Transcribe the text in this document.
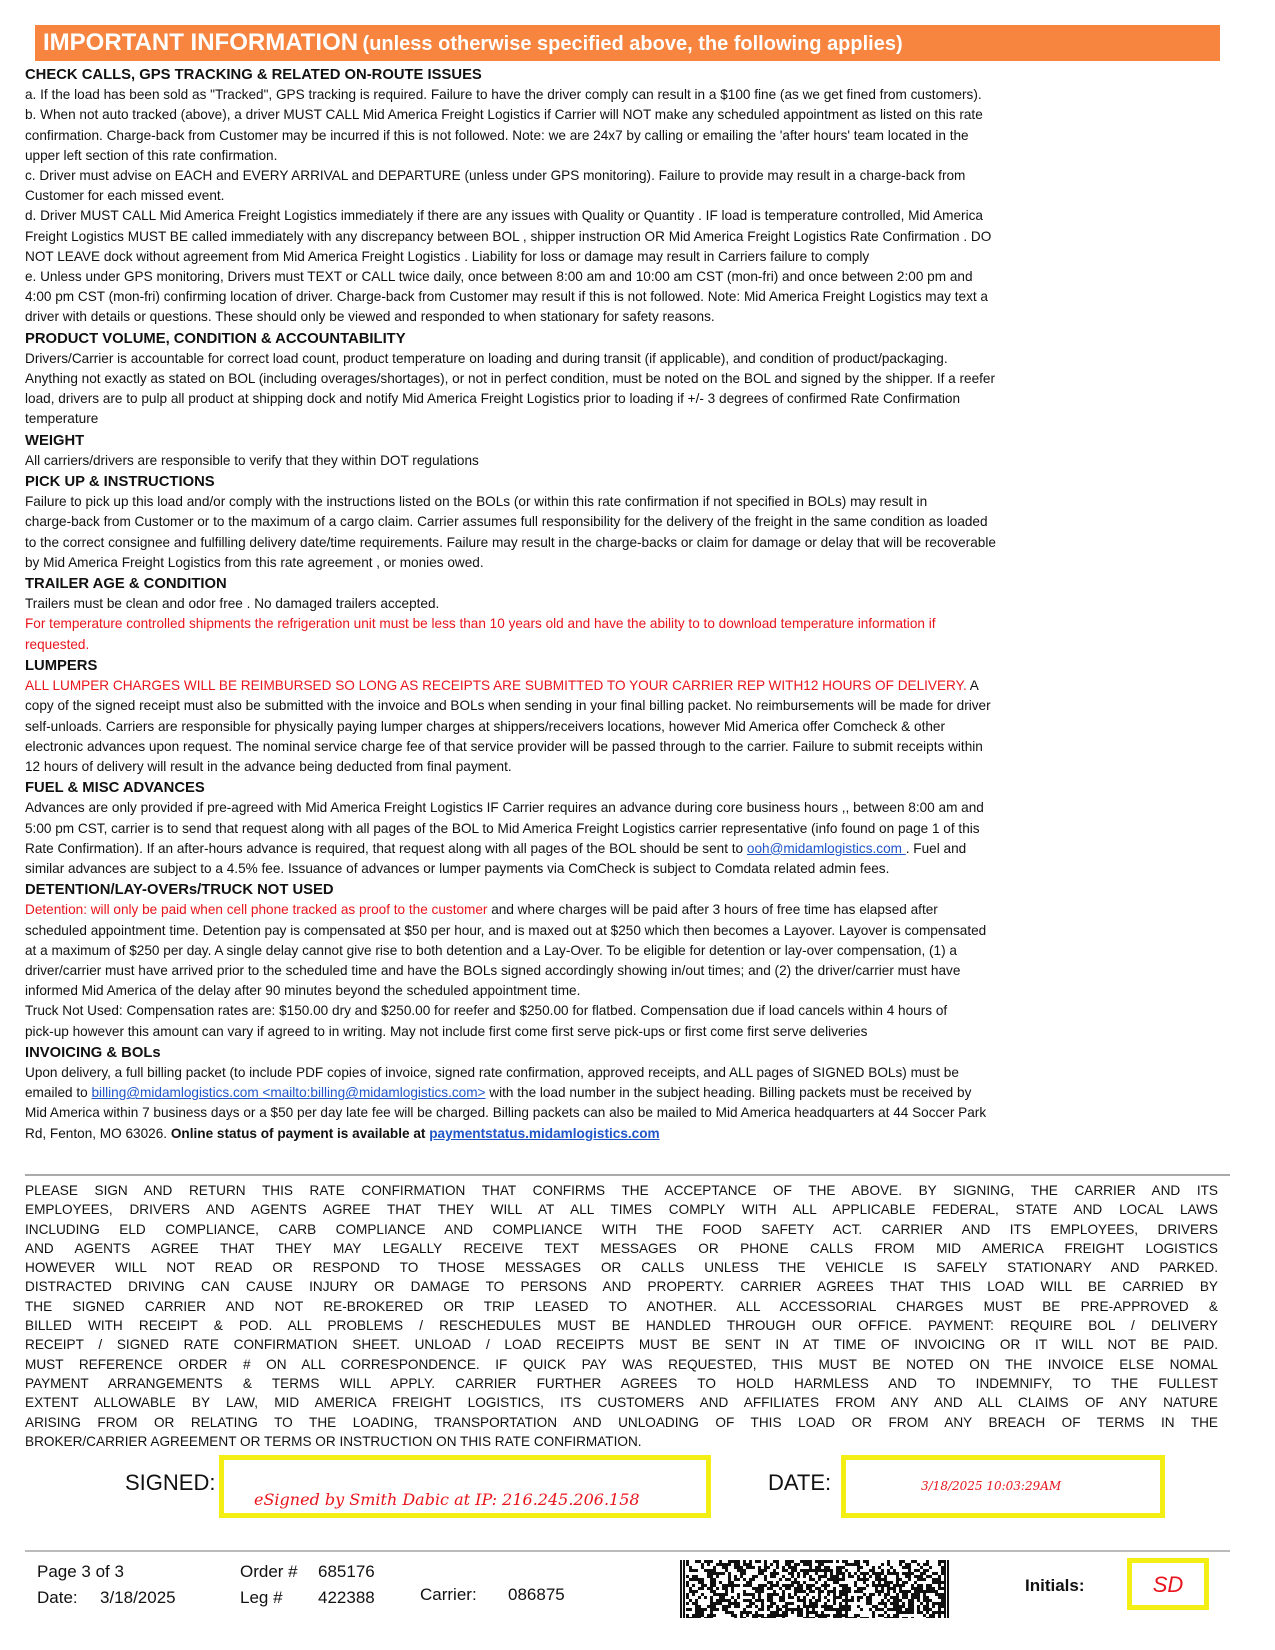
IMPORTANT INFORMATION (unless otherwise specified above, the following applies)
CHECK CALLS, GPS TRACKING & RELATED ON-ROUTE ISSUES
a. If the load has been sold as "Tracked", GPS tracking is required. Failure to have the driver comply can result in a $100 fine (as we get fined from customers).
b. When not auto tracked (above), a driver MUST CALL Mid America Freight Logistics if Carrier will NOT make any scheduled appointment as listed on this rate
confirmation. Charge-back from Customer may be incurred if this is not followed. Note: we are 24x7 by calling or emailing the 'after hours' team located in the
upper left section of this rate confirmation.
c. Driver must advise on EACH and EVERY ARRIVAL and DEPARTURE (unless under GPS monitoring). Failure to provide may result in a charge-back from
Customer for each missed event.
d. Driver MUST CALL Mid America Freight Logistics immediately if there are any issues with Quality or Quantity . IF load is temperature controlled, Mid America
Freight Logistics MUST BE called immediately with any discrepancy between BOL , shipper instruction OR Mid America Freight Logistics Rate Confirmation . DO
NOT LEAVE dock without agreement from Mid America Freight Logistics . Liability for loss or damage may result in Carriers failure to comply
e. Unless under GPS monitoring, Drivers must TEXT or CALL twice daily, once between 8:00 am and 10:00 am CST (mon-fri) and once between 2:00 pm and
4:00 pm CST (mon-fri) confirming location of driver. Charge-back from Customer may result if this is not followed. Note: Mid America Freight Logistics may text a
driver with details or questions. These should only be viewed and responded to when stationary for safety reasons.
PRODUCT VOLUME, CONDITION & ACCOUNTABILITY
Drivers/Carrier is accountable for correct load count, product temperature on loading and during transit (if applicable), and condition of product/packaging.
Anything not exactly as stated on BOL (including overages/shortages), or not in perfect condition, must be noted on the BOL and signed by the shipper. If a reefer
load, drivers are to pulp all product at shipping dock and notify Mid America Freight Logistics prior to loading if +/- 3 degrees of confirmed Rate Confirmation
temperature
WEIGHT
All carriers/drivers are responsible to verify that they within DOT regulations
PICK UP & INSTRUCTIONS
Failure to pick up this load and/or comply with the instructions listed on the BOLs (or within this rate confirmation if not specified in BOLs) may result in
charge-back from Customer or to the maximum of a cargo claim. Carrier assumes full responsibility for the delivery of the freight in the same condition as loaded
to the correct consignee and fulfilling delivery date/time requirements. Failure may result in the charge-backs or claim for damage or delay that will be recoverable
by Mid America Freight Logistics from this rate agreement , or monies owed.
TRAILER AGE & CONDITION
Trailers must be clean and odor free . No damaged trailers accepted.
For temperature controlled shipments the refrigeration unit must be less than 10 years old and have the ability to to download temperature information if
requested.
LUMPERS
ALL LUMPER CHARGES WILL BE REIMBURSED SO LONG AS RECEIPTS ARE SUBMITTED TO YOUR CARRIER REP WITH12 HOURS OF DELIVERY. A
copy of the signed receipt must also be submitted with the invoice and BOLs when sending in your final billing packet. No reimbursements will be made for driver
self-unloads. Carriers are responsible for physically paying lumper charges at shippers/receivers locations, however Mid America offer Comcheck & other
electronic advances upon request. The nominal service charge fee of that service provider will be passed through to the carrier. Failure to submit receipts within
12 hours of delivery will result in the advance being deducted from final payment.
FUEL & MISC ADVANCES
Advances are only provided if pre-agreed with Mid America Freight Logistics IF Carrier requires an advance during core business hours ,, between 8:00 am and
5:00 pm CST, carrier is to send that request along with all pages of the BOL to Mid America Freight Logistics carrier representative (info found on page 1 of this
Rate Confirmation). If an after-hours advance is required, that request along with all pages of the BOL should be sent to ooh@midamlogistics.com . Fuel and
similar advances are subject to a 4.5% fee. Issuance of advances or lumper payments via ComCheck is subject to Comdata related admin fees.
DETENTION/LAY-OVERs/TRUCK NOT USED
Detention: will only be paid when cell phone tracked as proof to the customer and where charges will be paid after 3 hours of free time has elapsed after
scheduled appointment time. Detention pay is compensated at $50 per hour, and is maxed out at $250 which then becomes a Layover. Layover is compensated
at a maximum of $250 per day. A single delay cannot give rise to both detention and a Lay-Over. To be eligible for detention or lay-over compensation, (1) a
driver/carrier must have arrived prior to the scheduled time and have the BOLs signed accordingly showing in/out times; and (2) the driver/carrier must have
informed Mid America of the delay after 90 minutes beyond the scheduled appointment time.
Truck Not Used: Compensation rates are: $150.00 dry and $250.00 for reefer and $250.00 for flatbed. Compensation due if load cancels within 4 hours of
pick-up however this amount can vary if agreed to in writing. May not include first come first serve pick-ups or first come first serve deliveries
INVOICING & BOLs
Upon delivery, a full billing packet (to include PDF copies of invoice, signed rate confirmation, approved receipts, and ALL pages of SIGNED BOLs) must be
emailed to billing@midamlogistics.com <mailto:billing@midamlogistics.com> with the load number in the subject heading. Billing packets must be received by
Mid America within 7 business days or a $50 per day late fee will be charged. Billing packets can also be mailed to Mid America headquarters at 44 Soccer Park
Rd, Fenton, MO 63026. Online status of payment is available at paymentstatus.midamlogistics.com
PLEASE SIGN AND RETURN THIS RATE CONFIRMATION THAT CONFIRMS THE ACCEPTANCE OF THE ABOVE. BY SIGNING, THE CARRIER AND ITS
EMPLOYEES, DRIVERS AND AGENTS AGREE THAT THEY WILL AT ALL TIMES COMPLY WITH ALL APPLICABLE FEDERAL, STATE AND LOCAL LAWS
INCLUDING ELD COMPLIANCE, CARB COMPLIANCE AND COMPLIANCE WITH THE FOOD SAFETY ACT. CARRIER AND ITS EMPLOYEES, DRIVERS
AND AGENTS AGREE THAT THEY MAY LEGALLY RECEIVE TEXT MESSAGES OR PHONE CALLS FROM MID AMERICA FREIGHT LOGISTICS
HOWEVER WILL NOT READ OR RESPOND TO THOSE MESSAGES OR CALLS UNLESS THE VEHICLE IS SAFELY STATIONARY AND PARKED.
DISTRACTED DRIVING CAN CAUSE INJURY OR DAMAGE TO PERSONS AND PROPERTY. CARRIER AGREES THAT THIS LOAD WILL BE CARRIED BY
THE SIGNED CARRIER AND NOT RE-BROKERED OR TRIP LEASED TO ANOTHER. ALL ACCESSORIAL CHARGES MUST BE PRE-APPROVED &
BILLED WITH RECEIPT & POD. ALL PROBLEMS / RESCHEDULES MUST BE HANDLED THROUGH OUR OFFICE. PAYMENT: REQUIRE BOL / DELIVERY
RECEIPT / SIGNED RATE CONFIRMATION SHEET. UNLOAD / LOAD RECEIPTS MUST BE SENT IN AT TIME OF INVOICING OR IT WILL NOT BE PAID.
MUST REFERENCE ORDER # ON ALL CORRESPONDENCE. IF QUICK PAY WAS REQUESTED, THIS MUST BE NOTED ON THE INVOICE ELSE NOMAL
PAYMENT ARRANGEMENTS & TERMS WILL APPLY. CARRIER FURTHER AGREES TO HOLD HARMLESS AND TO INDEMNIFY, TO THE FULLEST
EXTENT ALLOWABLE BY LAW, MID AMERICA FREIGHT LOGISTICS, ITS CUSTOMERS AND AFFILIATES FROM ANY AND ALL CLAIMS OF ANY NATURE
ARISING FROM OR RELATING TO THE LOADING, TRANSPORTATION AND UNLOADING OF THIS LOAD OR FROM ANY BREACH OF TERMS IN THE
BROKER/CARRIER AGREEMENT OR TERMS OR INSTRUCTION ON THIS RATE CONFIRMATION.
SIGNED:
eSigned by Smith Dabic at IP: 216.245.206.158
DATE:	3/18/2025 10:03:29AM
Page 3 of 3
Date: 3/18/2025
Order # 685176
Leg # 422388	Carrier: 086875	Initials:	SD
